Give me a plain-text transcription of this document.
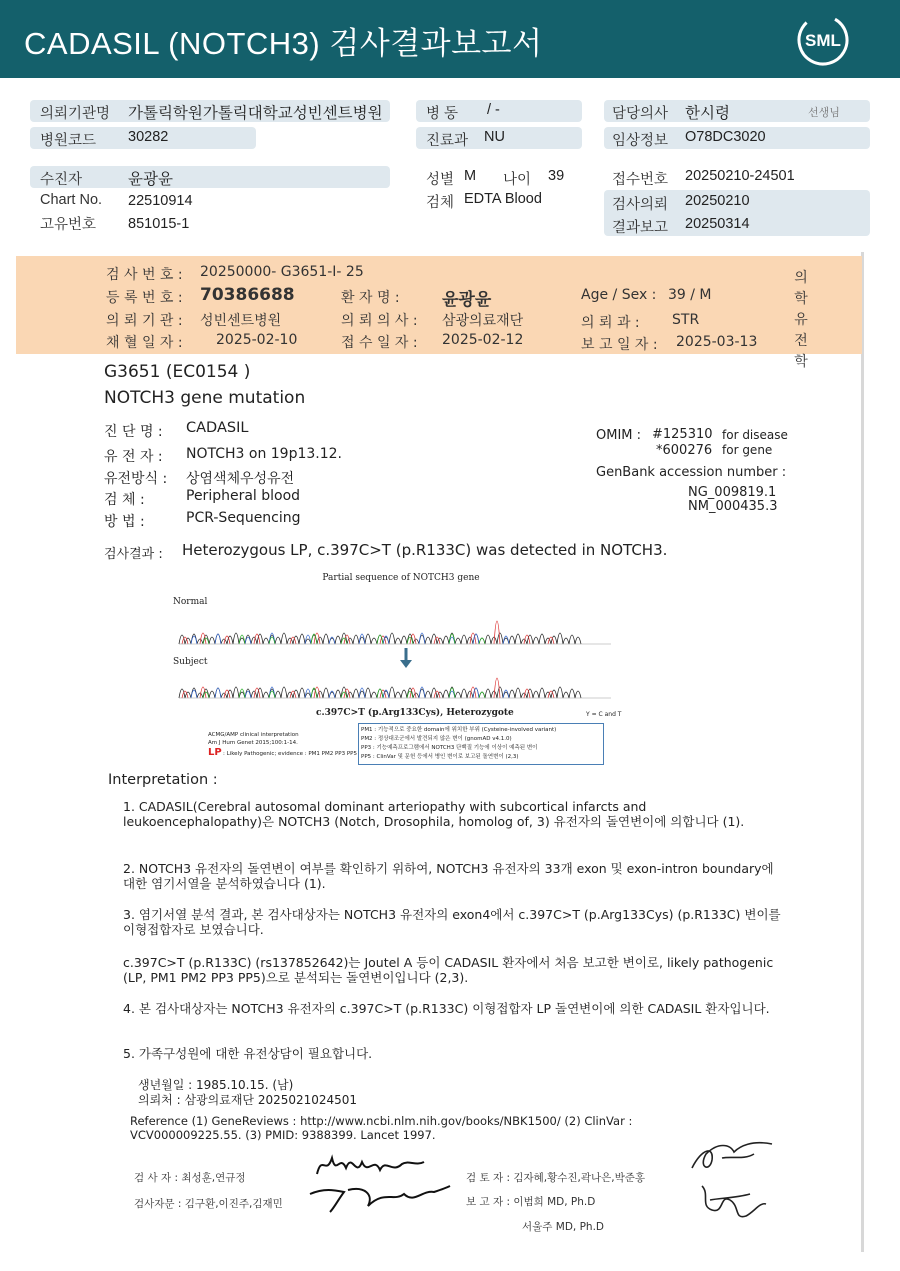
CADASIL (NOTCH3) 검사결과보고서	SML
의뢰기관명 가톨릭학원가톨릭대학교성빈센트병원	병 동 / -	담당의사 한시령	선생님
병원코드 30282	진료과 NU	임상정보 O78DC3020
수진자	윤광윤	성별 M 나이 39	접수번호 20250210-24501
Chart No. 22510914	검체 EDTA Blood	검사의뢰 20250210
고유번호 851015-1	결과보고 20250314
검 사 번 호 : 20250000- G3651-I- 25
등 록 번 호 : 70386688	환 자 명 : 윤광윤	Age / Sex : 39 / M
의 뢰 기 관 : 성빈센트병원	의 뢰 의 사 : 삼광의료재단	의 뢰 과 : STR
채 혈 일 자 : 2025-02-10	접 수 일 자 : 2025-02-12	보 고 일 자 : 2025-03-13
의
학
유
전
학
G3651 (EC0154 )
NOTCH3 gene mutation
진 단 명 : CADASIL
유 전 자 : NOTCH3 on 19p13.12.
유전방식 : 상염색체우성유전
검 체 :	Peripheral blood
방 법 :	PCR-Sequencing
OMIM : #125310 for disease
*600276 for gene
GenBank accession number :
NG_009819.1
NM_000435.3
검사결과 : Heterozygous LP, c.397C>T (p.R133C) was detected in NOTCH3.
Partial sequence of NOTCH3 gene
Normal
Subject
c.397C>T (p.Arg133Cys), Heterozygote	Y = C and T
ACMG/AMP clinical interpretation
Am J Hum Genet 2015;100:1-14.
LP : Likely Pathogenic; evidence : PM1 PM2 PP3 PP5
PM1 : 기능적으로 중요한 domain에 위치한 부위 (Cysteine-involved variant)
PM2 : 정상대조군에서 발견되지 않은 변이 (gnomAD v4.1.0)
PP3 : 기능예측프로그램에서 NOTCH3 단백질 기능에 이상이 예측된 변이
PP5 : ClinVar 및 문헌 등에서 병인 변이로 보고된 돌연변이 (2,3)
Interpretation :
1. CADASIL(Cerebral autosomal dominant arteriopathy with subcortical infarcts and leukoencephalopathy)은 NOTCH3 (Notch, Drosophila, homolog of, 3) 유전자의 돌연변이에 의합니다 (1).
2. NOTCH3 유전자의 돌연변이 여부를 확인하기 위하여, NOTCH3 유전자의 33개 exon 및 exon-intron boundary에 대한 염기서열을 분석하였습니다 (1).
3. 염기서열 분석 결과, 본 검사대상자는 NOTCH3 유전자의 exon4에서 c.397C>T (p.Arg133Cys) (p.R133C) 변이를 이형접합자로 보였습니다.
c.397C>T (p.R133C) (rs137852642)는 Joutel A 등이 CADASIL 환자에서 처음 보고한 변이로, likely pathogenic (LP, PM1 PM2 PP3 PP5)으로 분석되는 돌연변이입니다 (2,3).
4. 본 검사대상자는 NOTCH3 유전자의 c.397C>T (p.R133C) 이형접합자 LP 돌연변이에 의한 CADASIL 환자입니다.
5. 가족구성원에 대한 유전상담이 필요합니다.
생년월일 : 1985.10.15. (남)
의뢰처 : 삼광의료재단 2025021024501
Reference (1) GeneReviews : http://www.ncbi.nlm.nih.gov/books/NBK1500/ (2) ClinVar : VCV000009225.55. (3) PMID: 9388399. Lancet 1997.
검 사 자 : 최성훈,연규정
검사자문 : 김구환,이진주,김재민
검 토 자 : 김자혜,황수진,곽나은,박준홍
보 고 자 : 이범희 MD, Ph.D
서울주 MD, Ph.D
